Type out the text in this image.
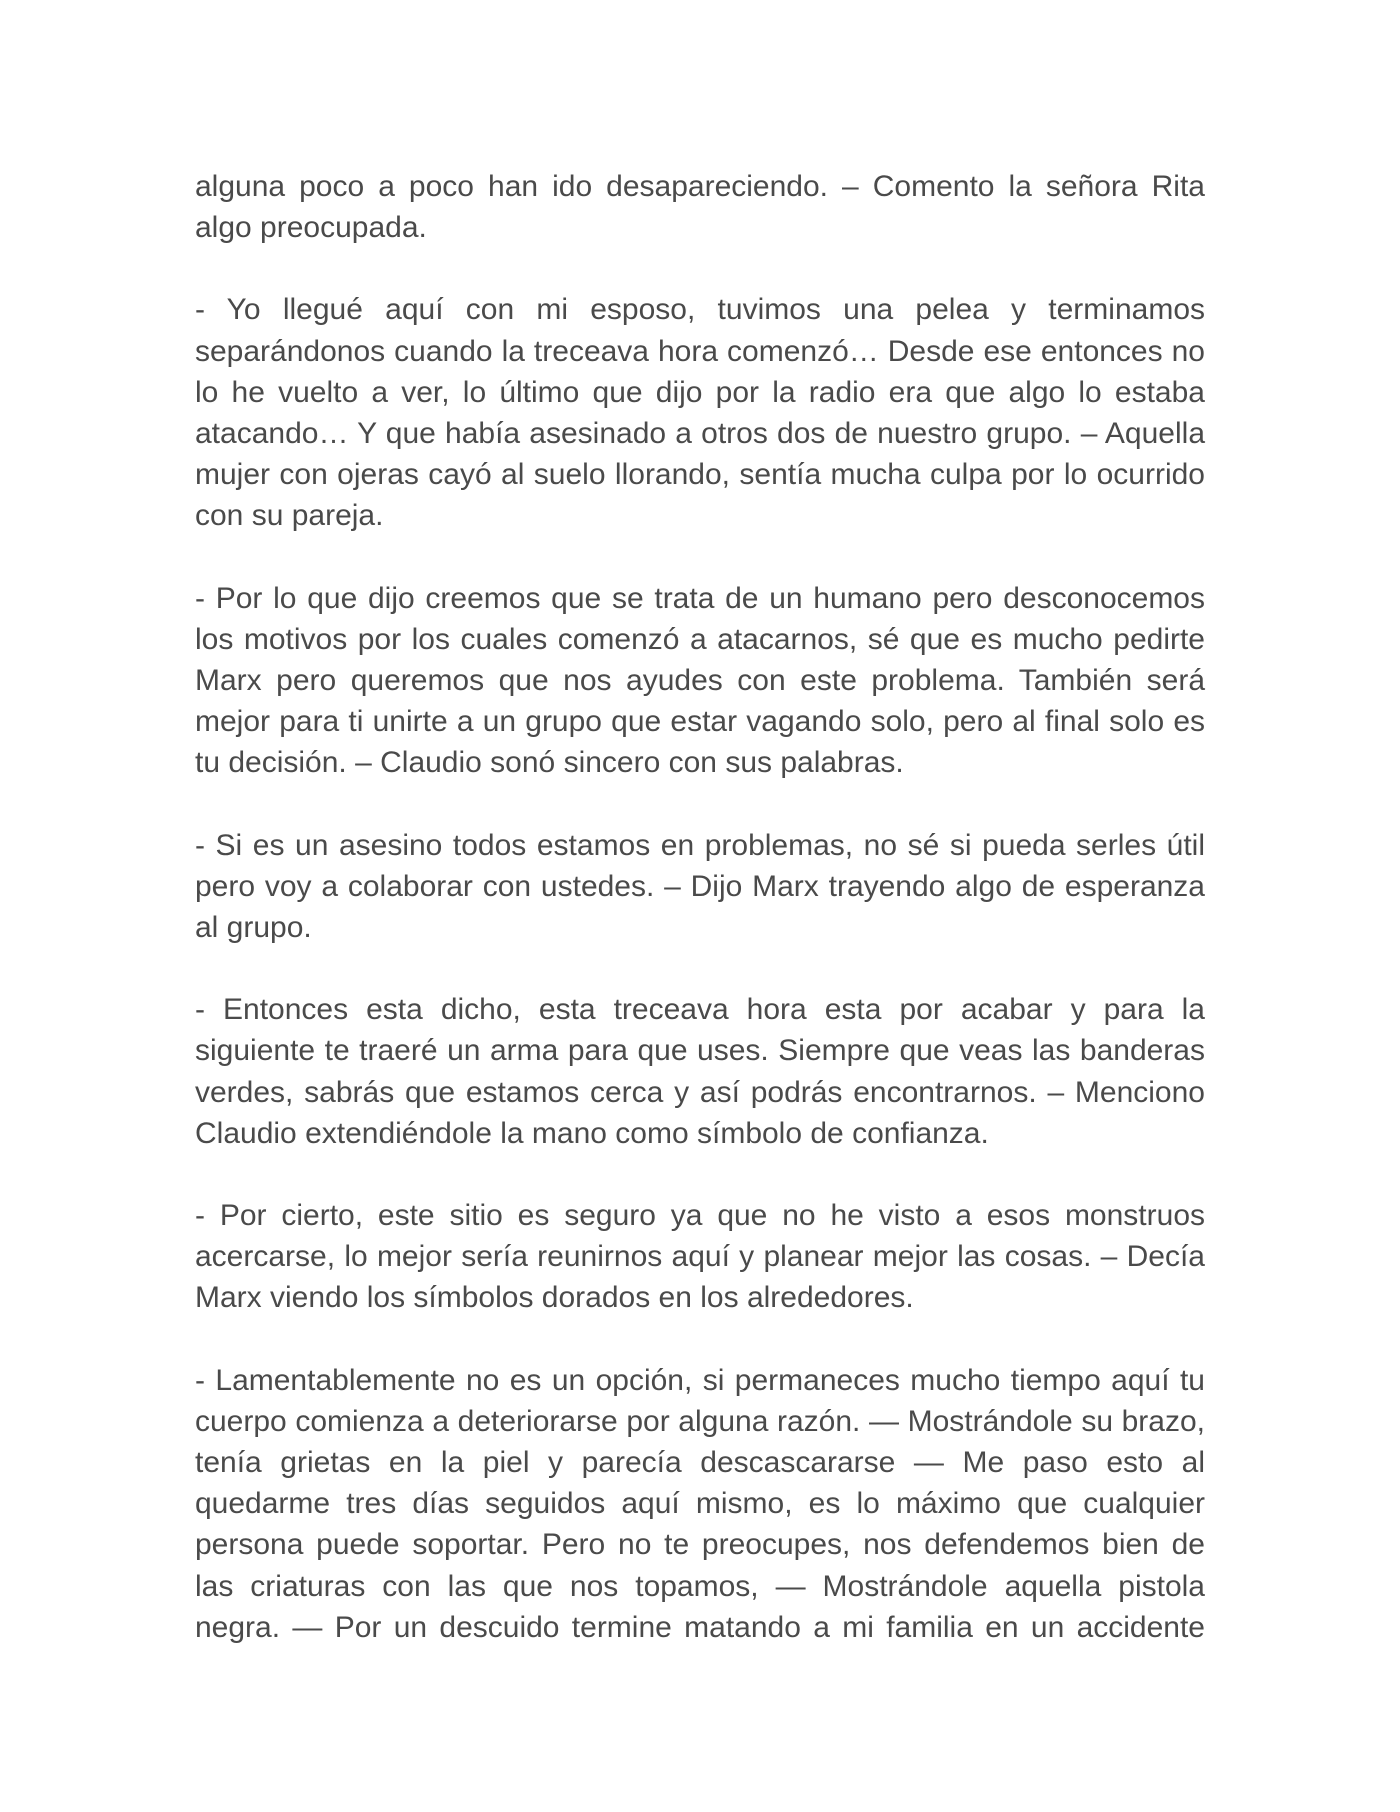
alguna poco a poco han ido desapareciendo. – Comento la señora Rita algo preocupada.

- Yo llegué aquí con mi esposo, tuvimos una pelea y terminamos separándonos cuando la treceava hora comenzó… Desde ese entonces no lo he vuelto a ver, lo último que dijo por la radio era que algo lo estaba atacando… Y que había asesinado a otros dos de nuestro grupo. – Aquella mujer con ojeras cayó al suelo llorando, sentía mucha culpa por lo ocurrido con su pareja.

- Por lo que dijo creemos que se trata de un humano pero desconocemos los motivos por los cuales comenzó a atacarnos, sé que es mucho pedirte Marx pero queremos que nos ayudes con este problema. También será mejor para ti unirte a un grupo que estar vagando solo, pero al final solo es tu decisión. – Claudio sonó sincero con sus palabras.

- Si es un asesino todos estamos en problemas, no sé si pueda serles útil pero voy a colaborar con ustedes. – Dijo Marx trayendo algo de esperanza al grupo.

- Entonces esta dicho, esta treceava hora esta por acabar y para la siguiente te traeré un arma para que uses. Siempre que veas las banderas verdes, sabrás que estamos cerca y así podrás encontrarnos. – Menciono Claudio extendiéndole la mano como símbolo de confianza.

- Por cierto, este sitio es seguro ya que no he visto a esos monstruos acercarse, lo mejor sería reunirnos aquí y planear mejor las cosas. – Decía Marx viendo los símbolos dorados en los alrededores.

- Lamentablemente no es un opción, si permaneces mucho tiempo aquí tu cuerpo comienza a deteriorarse por alguna razón. — Mostrándole su brazo, tenía grietas en la piel y parecía descascararse — Me paso esto al quedarme tres días seguidos aquí mismo, es lo máximo que cualquier persona puede soportar. Pero no te preocupes, nos defendemos bien de las criaturas con las que nos topamos, — Mostrándole aquella pistola negra. — Por un descuido termine matando a mi familia en un accidente
